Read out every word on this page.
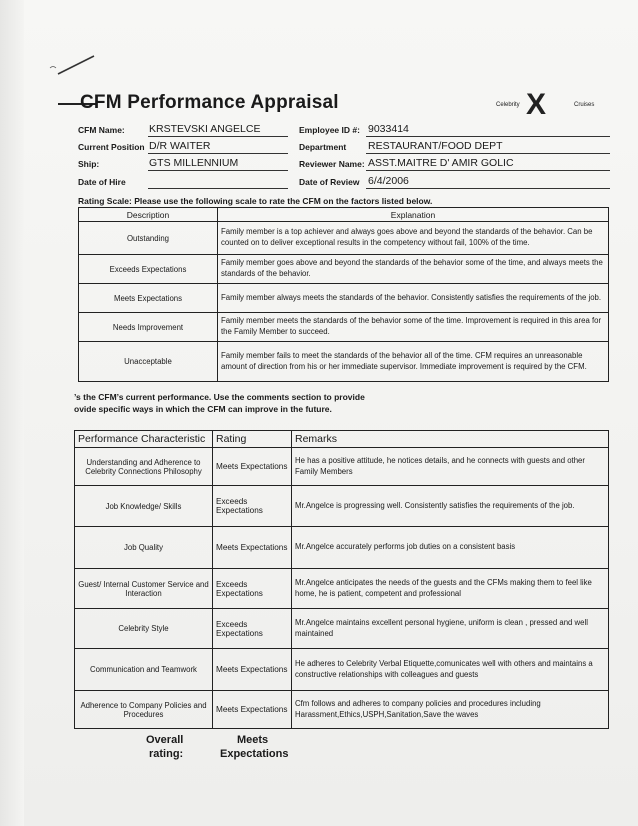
CFM Performance Appraisal	Celebrity X	Cruises
CFM Name: KRSTEVSKI ANGELCE	Employee ID #: 9033414
Current Position D/R WAITER	Department RESTAURANT/FOOD DEPT
Ship:	GTS MILLENNIUM	Reviewer Name: ASST.MAITRE D' AMIR GOLIC
Date of Hire	Date of Review 6/4/2006
Rating Scale: Please use the following scale to rate the CFM on the factors listed below.
Description	Explanation
Outstanding	Family member is a top achiever and always goes above and beyond the standards of the behavior. Can be counted on to deliver exceptional results in the competency without fail, 100% of the time.
Exceeds Expectations	Family member goes above and beyond the standards of the behavior some of the time, and always meets the standards of the behavior.
Meets Expectations	Family member always meets the standards of the behavior. Consistently satisfies the requirements of the job.
Needs Improvement	Family member meets the standards of the behavior some of the time. Improvement is required in this area for the Family Member to succeed.
Unacceptable	Family member fails to meet the standards of the behavior all of the time. CFM requires an unreasonable amount of direction from his or her immediate supervisor. Immediate improvement is required by the CFM.
’s the CFM’s current performance. Use the comments section to provide
ovide specific ways in which the CFM can improve in the future.
Performance Characteristic	Rating	Remarks
Understanding and Adherence to Celebrity Connections Philosophy	Meets Expectations	He has a positive attitude, he notices details, and he connects with guests and other Family Members
Job Knowledge/ Skills	Exceeds Expectations	Mr.Angelce is progressing well. Consistently satisfies the requirements of the job.
Job Quality	Meets Expectations	Mr.Angelce accurately performs job duties on a consistent basis
Guest/ Internal Customer Service and Interaction	Exceeds Expectations	Mr.Angelce anticipates the needs of the guests and the CFMs making them to feel like home, he is patient, competent and professional
Celebrity Style	Exceeds Expectations	Mr.Angelce maintains excellent personal hygiene, uniform is clean , pressed and well maintained
Communication and Teamwork	Meets Expectations	He adheres to Celebrity Verbal Etiquette,comunicates well with others and maintains a constructive relationships with colleagues and guests
Adherence to Company Policies and Procedures	Meets Expectations	Cfm follows and adheres to company policies and procedures including Harassment,Ethics,USPH,Sanitation,Save the waves
Overall
rating:
Meets
Expectations
